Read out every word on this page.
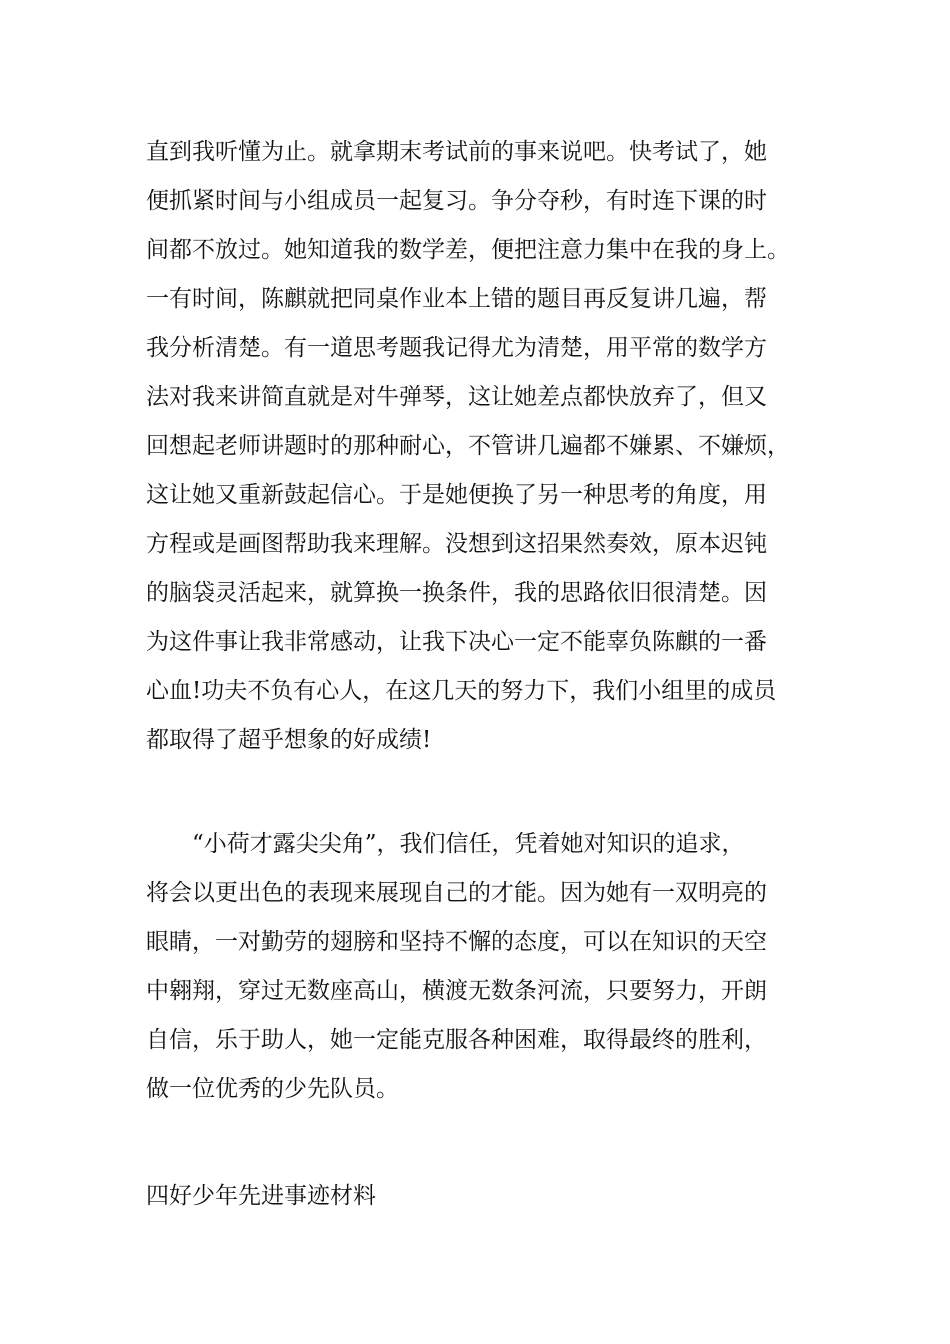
直到我听懂为止。就拿期末考试前的事来说吧。快考试了，她
便抓紧时间与小组成员一起复习。争分夺秒，有时连下课的时
间都不放过。她知道我的数学差，便把注意力集中在我的身上。
一有时间，陈麒就把同桌作业本上错的题目再反复讲几遍，帮
我分析清楚。有一道思考题我记得尤为清楚，用平常的数学方
法对我来讲简直就是对牛弹琴，这让她差点都快放弃了，但又
回想起老师讲题时的那种耐心，不管讲几遍都不嫌累、不嫌烦，
这让她又重新鼓起信心。于是她便换了另一种思考的角度，用
方程或是画图帮助我来理解。没想到这招果然奏效，原本迟钝
的脑袋灵活起来，就算换一换条件，我的思路依旧很清楚。因
为这件事让我非常感动，让我下决心一定不能辜负陈麒的一番
心血!功夫不负有心人，在这几天的努力下，我们小组里的成员
都取得了超乎想象的好成绩!
“小荷才露尖尖角”，我们信任，凭着她对知识的追求，
将会以更出色的表现来展现自己的才能。因为她有一双明亮的
眼睛，一对勤劳的翅膀和坚持不懈的态度，可以在知识的天空
中翱翔，穿过无数座高山，横渡无数条河流，只要努力，开朗
自信，乐于助人，她一定能克服各种困难，取得最终的胜利，
做一位优秀的少先队员。

四好少年先进事迹材料
